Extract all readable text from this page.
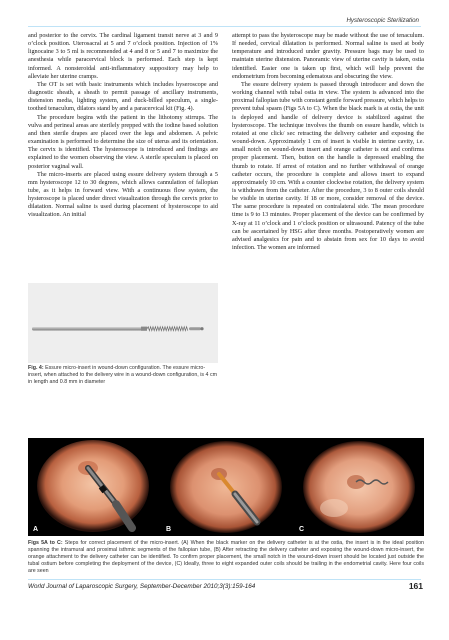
Hysteroscopic Sterilization

and posterior to the cervix. The cardinal ligament transit nerve at 3 and 9 o’clock position. Uterosacral at 5 and 7 o’clock position. Injection of 1% lignocaine 3 to 5 ml is recommended at 4 and 8 or 5 and 7 to maximize the anesthesia while paracervical block is performed. Each step is kept informed. A nonsteroidal anti-inflammatory suppository may help to alleviate her uterine cramps.

The OT is set with basic instruments which includes hyseroscope and diagnostic sheath, a sheath to permit passage of ancillary instruments, distension media, lighting system, and duck-billed speculum, a single-toothed tenaculum, dilators stand by and a paracervical kit (Fig. 4).

The procedure begins with the patient in the lithotomy stirrups. The vulva and perineal areas are sterilely prepped with the iodine based solution and then sterile drapes are placed over the legs and abdomen. A pelvic examination is performed to determine the size of uterus and its orientation. The cervix is identified. The hysteroscope is introduced and findings are explained to the women observing the view. A sterile speculum is placed on posterior vaginal wall.

The micro-inserts are placed using essure delivery system through a 5 mm hysteroscope 12 to 30 degrees, which allows cannulation of fallopian tube, as it helps in forward view. With a continuous flow system, the hysteroscope is placed under direct visualization through the cervix prior to dilatation. Normal saline is used during placement of hysteroscope to aid visualization. An initial

attempt to pass the hysteroscope may be made without the use of tenaculum. If needed, cervical dilatation is performed. Normal saline is used at body temperature and introduced under gravity. Pressure bags may be used to maintain uterine distension. Panoramic view of uterine cavity is taken, ostia identified. Easier one is taken up first, which will help prevent the endometrium from becoming edematous and obscuring the view.

The essure delivery system is passed through introducer and down the working channel with tubal ostia in view. The system is advanced into the proximal fallopian tube with constant gentle forward pressure, which helps to prevent tubal spasm (Figs 5A to C). When the black mark is at ostia, the unit is deployed and handle of delivery device is stabilized against the hysteroscope. The technique involves the thumb on essure handle, which is rotated at one click/ sec retracting the delivery catheter and exposing the wound-down. Approximately 1 cm of insert is visible in uterine cavity, i.e. small notch on wound-down insert and orange catheter is out and confirms proper placement. Then, button on the handle is depressed enabling the thumb to rotate. If arrest of rotation and no further withdrawal of orange catheter occurs, the procedure is complete and allows insert to expand approximately 10 cm. With a counter clockwise rotation, the delivery system is withdrawn from the catheter. After the procedure, 3 to 8 outer coils should be visible in uterine cavity. If 18 or more, consider removal of the device. The same procedure is repeated on contralateral side. The mean procedure time is 9 to 13 minutes. Proper placement of the device can be confirmed by X-ray at 11 o’clock and 1 o’clock position or ultrasound. Patency of the tube can be ascertained by HSG after three months. Postoperatively women are advised analgesics for pain and to abstain from sex for 10 days to avoid infection. The women are informed

Fig. 4: Essure micro-insert in wound-down configuration. The essure micro-insert, when attached to the delivery wire in a wound-down configuration, is 4 cm in length and 0.8 mm in diameter
A	B	C
Figs 5A to C: Steps for correct placement of the micro-insert. (A) When the black marker on the delivery catheter is at the ostia, the insert is in the ideal position spanning the intramural and proximal isthmic segments of the fallopian tube, (B) After retracting the delivery catheter and exposing the wound-down micro-insert, the orange attachment to the delivery catheter can be identified. To confirm proper placement, the small notch in the wound-down insert should be located just outside the tubal ostium before completing the deployment of the device, (C) Ideally, three to eight expanded outer coils should be trailing in the endometrial cavity. Here four coils are seen
World Journal of Laparoscopic Surgery, September-December 2010;3(3):159-164	161
